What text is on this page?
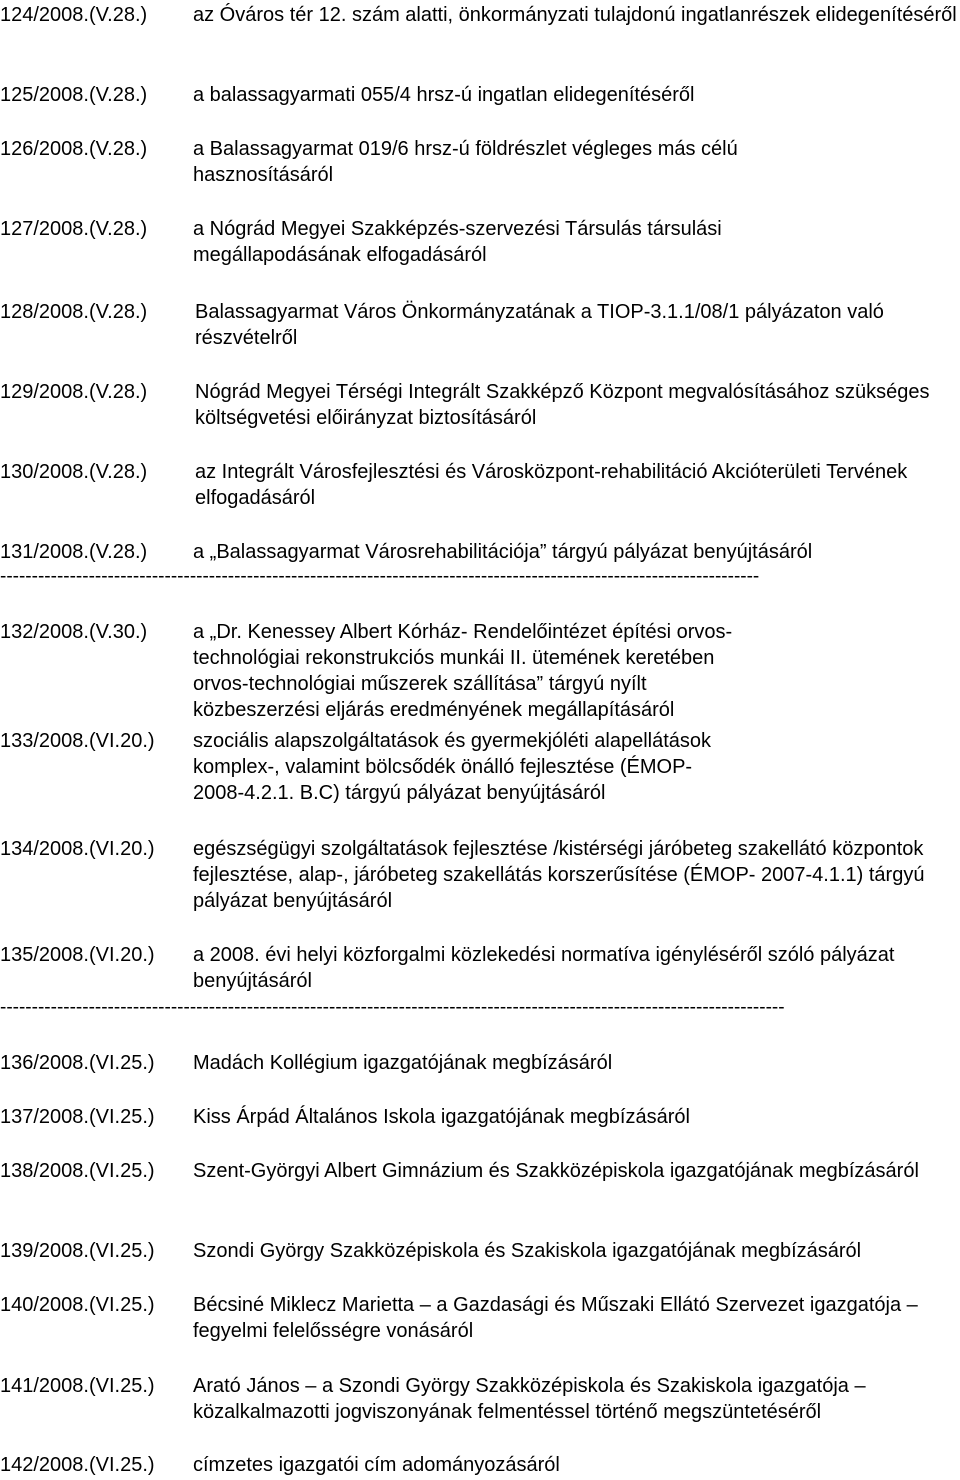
124/2008.(V.28.) az Óváros tér 12. szám alatti, önkormányzati tulajdonú ingatlanrészek elidegenítéséről
125/2008.(V.28.) a balassagyarmati 055/4 hrsz-ú ingatlan elidegenítéséről
126/2008.(V.28.) a Balassagyarmat 019/6 hrsz-ú földrészlet végleges más célú hasznosításáról
127/2008.(V.28.) a Nógrád Megyei Szakképzés-szervezési Társulás társulási megállapodásának elfogadásáról
128/2008.(V.28.) Balassagyarmat Város Önkormányzatának a TIOP-3.1.1/08/1 pályázaton való részvételről
129/2008.(V.28.) Nógrád Megyei Térségi Integrált Szakképző Központ megvalósításához szükséges költségvetési előirányzat biztosításáról
130/2008.(V.28.) az Integrált Városfejlesztési és Városközpont-rehabilitáció Akcióterületi Tervének elfogadásáról
131/2008.(V.28.) a „Balassagyarmat Városrehabilitációja” tárgyú pályázat benyújtásáról
------------------------------------------------------------------------------------------------------------------------
132/2008.(V.30.) a „Dr. Kenessey Albert Kórház- Rendelőintézet építési orvos-technológiai rekonstrukciós munkái II. ütemének keretében orvos-technológiai műszerek szállítása” tárgyú nyílt közbeszerzési eljárás eredményének megállapításáról
133/2008.(VI.20.) szociális alapszolgáltatások és gyermekjóléti alapellátások komplex-, valamint bölcsődék önálló fejlesztése (ÉMOP-2008-4.2.1. B.C) tárgyú pályázat benyújtásáról
134/2008.(VI.20.) egészségügyi szolgáltatások fejlesztése /kistérségi járóbeteg szakellátó központok fejlesztése, alap-, járóbeteg szakellátás korszerűsítése (ÉMOP- 2007-4.1.1) tárgyú pályázat benyújtásáról
135/2008.(VI.20.) a 2008. évi helyi közforgalmi közlekedési normatíva igényléséről szóló pályázat benyújtásáról
----------------------------------------------------------------------------------------------------------------------------
136/2008.(VI.25.) Madách Kollégium igazgatójának megbízásáról
137/2008.(VI.25.) Kiss Árpád Általános Iskola igazgatójának megbízásáról
138/2008.(VI.25.) Szent-Györgyi Albert Gimnázium és Szakközépiskola igazgatójának megbízásáról
139/2008.(VI.25.) Szondi György Szakközépiskola és Szakiskola igazgatójának megbízásáról
140/2008.(VI.25.) Bécsiné Miklecz Marietta – a Gazdasági és Műszaki Ellátó Szervezet igazgatója – fegyelmi felelősségre vonásáról
141/2008.(VI.25.) Arató János – a Szondi György Szakközépiskola és Szakiskola igazgatója – közalkalmazotti jogviszonyának felmentéssel történő megszüntetéséről
142/2008.(VI.25.) címzetes igazgatói cím adományozásáról
